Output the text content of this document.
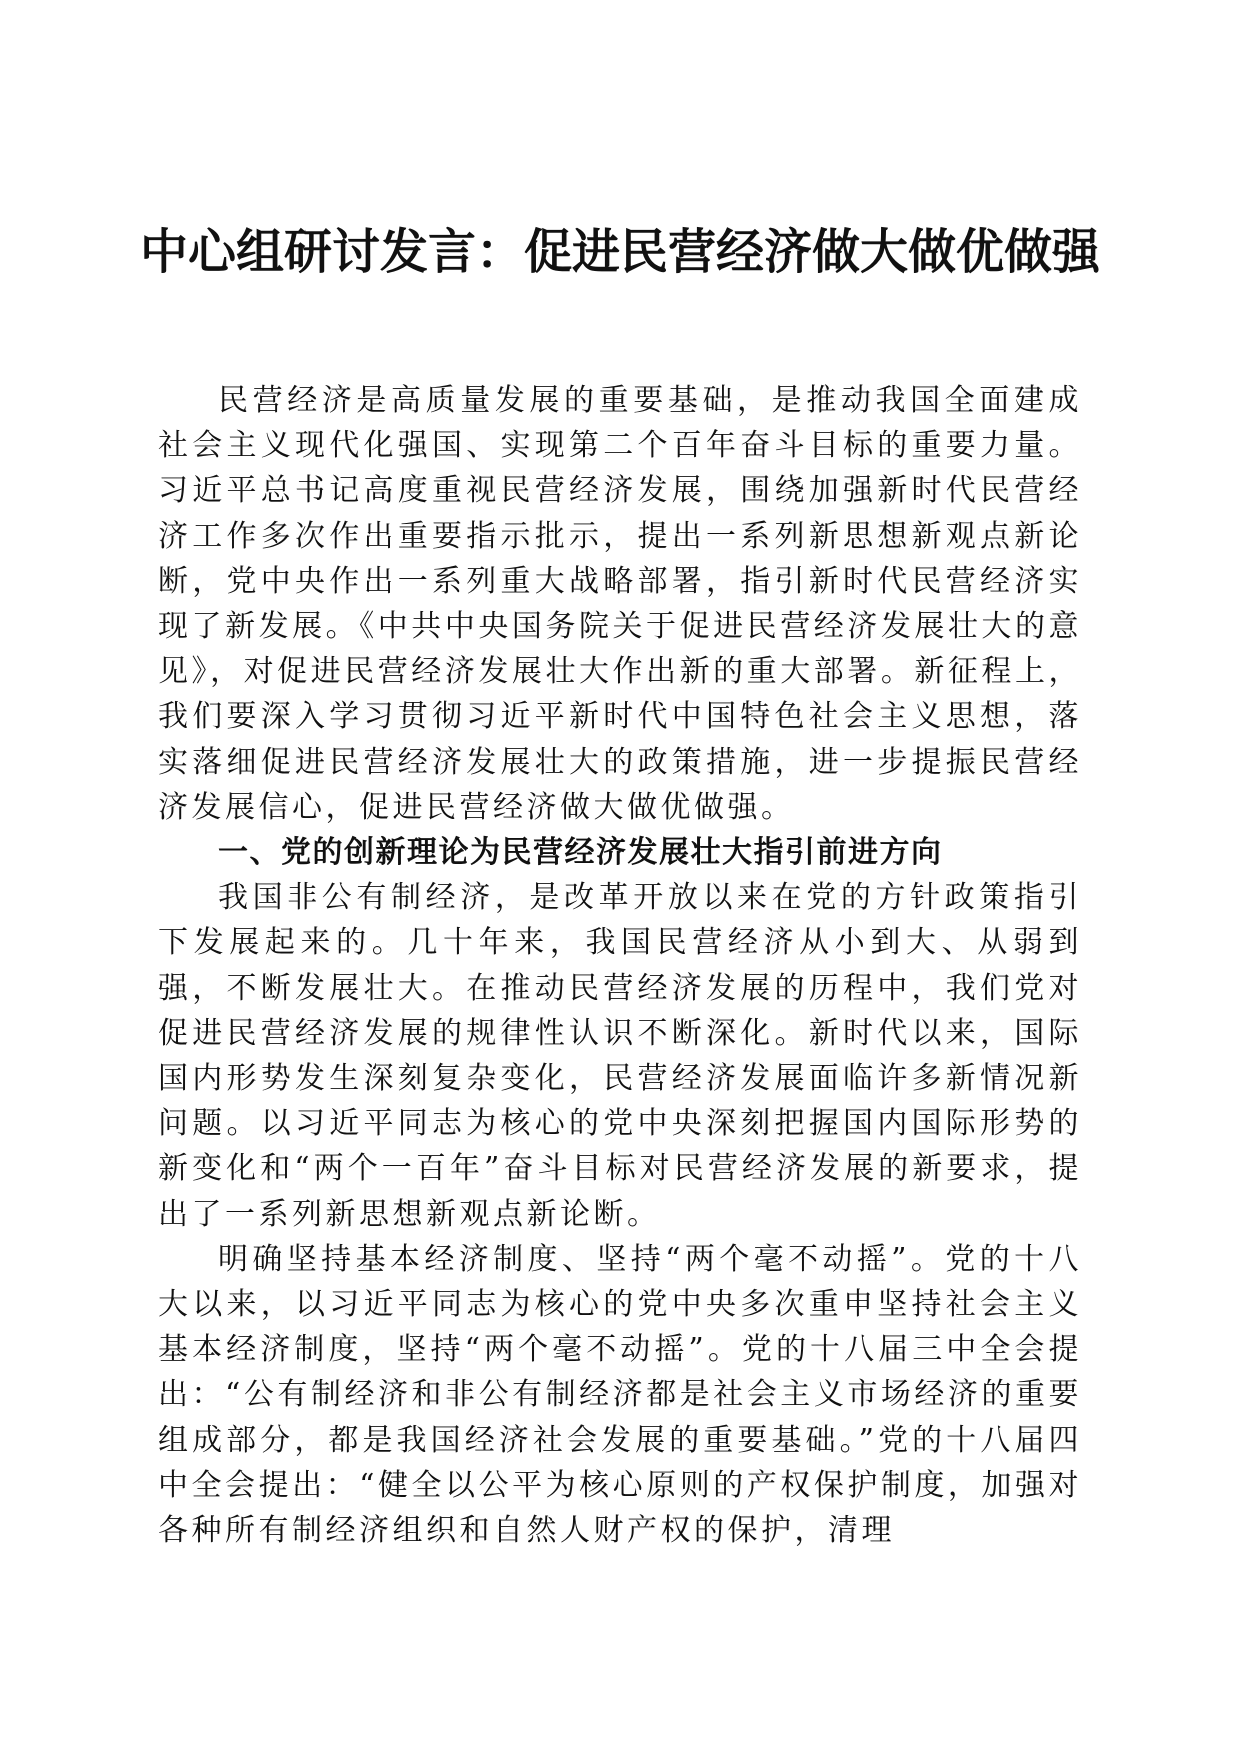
中心组研讨发言：促进民营经济做大做优做强

民营经济是高质量发展的重要基础，是推动我国全面建成社会主义现代化强国、实现第二个百年奋斗目标的重要力量。习近平总书记高度重视民营经济发展，围绕加强新时代民营经济工作多次作出重要指示批示，提出一系列新思想新观点新论断，党中央作出一系列重大战略部署，指引新时代民营经济实现了新发展。《中共中央国务院关于促进民营经济发展壮大的意见》，对促进民营经济发展壮大作出新的重大部署。新征程上，我们要深入学习贯彻习近平新时代中国特色社会主义思想，落实落细促进民营经济发展壮大的政策措施，进一步提振民营经济发展信心，促进民营经济做大做优做强。

一、党的创新理论为民营经济发展壮大指引前进方向

我国非公有制经济，是改革开放以来在党的方针政策指引下发展起来的。几十年来，我国民营经济从小到大、从弱到强，不断发展壮大。在推动民营经济发展的历程中，我们党对促进民营经济发展的规律性认识不断深化。新时代以来，国际国内形势发生深刻复杂变化，民营经济发展面临许多新情况新问题。以习近平同志为核心的党中央深刻把握国内国际形势的新变化和“两个一百年”奋斗目标对民营经济发展的新要求，提出了一系列新思想新观点新论断。

明确坚持基本经济制度、坚持“两个毫不动摇”。党的十八大以来，以习近平同志为核心的党中央多次重申坚持社会主义基本经济制度，坚持“两个毫不动摇”。党的十八届三中全会提出：“公有制经济和非公有制经济都是社会主义市场经济的重要组成部分，都是我国经济社会发展的重要基础。”党的十八届四中全会提出：“健全以公平为核心原则的产权保护制度，加强对各种所有制经济组织和自然人财产权的保护，清理
